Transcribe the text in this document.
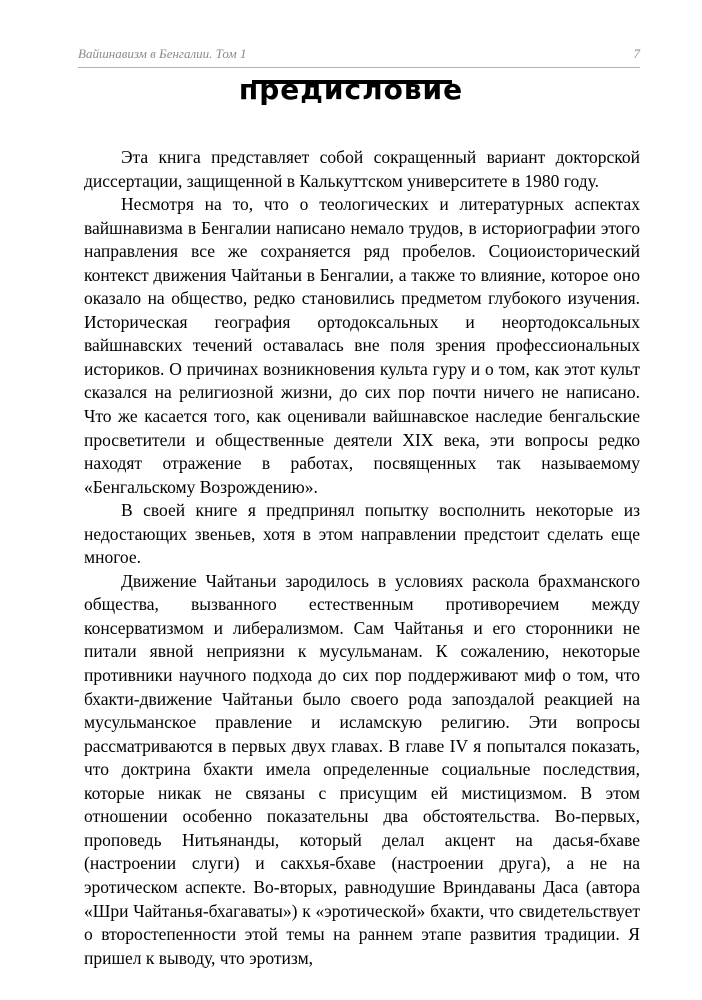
Вайшнавизм в Бенгалии. Том 1	7
предисловие

Эта книга представляет собой сокращенный вариант докторской диссертации, защищенной в Калькуттском университете в 1980 году.

Несмотря на то, что о теологических и литературных аспектах вайшнавизма в Бенгалии написано немало трудов, в историографии этого направления все же сохраняется ряд пробелов. Социоисторический контекст движения Чайтаньи в Бенгалии, а также то влияние, которое оно оказало на общество, редко становились предметом глубокого изучения. Историческая география ортодоксальных и неортодоксальных вайшнавских течений оставалась вне поля зрения профессиональных историков. О причинах возникновения культа гуру и о том, как этот культ сказался на религиозной жизни, до сих пор почти ничего не написано. Что же касается того, как оценивали вайшнавское наследие бенгальские просветители и общественные деятели XIX века, эти вопросы редко находят отражение в работах, посвященных так называемому «Бенгальскому Возрождению».

В своей книге я предпринял попытку восполнить некоторые из недостающих звеньев, хотя в этом направлении предстоит сделать еще многое.

Движение Чайтаньи зародилось в условиях раскола брахманского общества, вызванного естественным противоречием между консерватизмом и либерализмом. Сам Чайтанья и его сторонники не питали явной неприязни к мусульманам. К сожалению, некоторые противники научного подхода до сих пор поддерживают миф о том, что бхакти-движение Чайтаньи было своего рода запоздалой реакцией на мусульманское правление и исламскую религию. Эти вопросы рассматриваются в первых двух главах. В главе IV я попытался показать, что доктрина бхакти имела определенные социальные последствия, которые никак не связаны с присущим ей мистицизмом. В этом отношении особенно показательны два обстоятельства. Во-первых, проповедь Нитьянанды, который делал акцент на дасья-бхаве (настроении слуги) и сакхья-бхаве (настроении друга), а не на эротическом аспекте. Во-вторых, равнодушие Вриндаваны Даса (автора «Шри Чайтанья-бхагаваты») к «эротической» бхакти, что свидетельствует о второстепенности этой темы на раннем этапе развития традиции. Я пришел к выводу, что эротизм,
